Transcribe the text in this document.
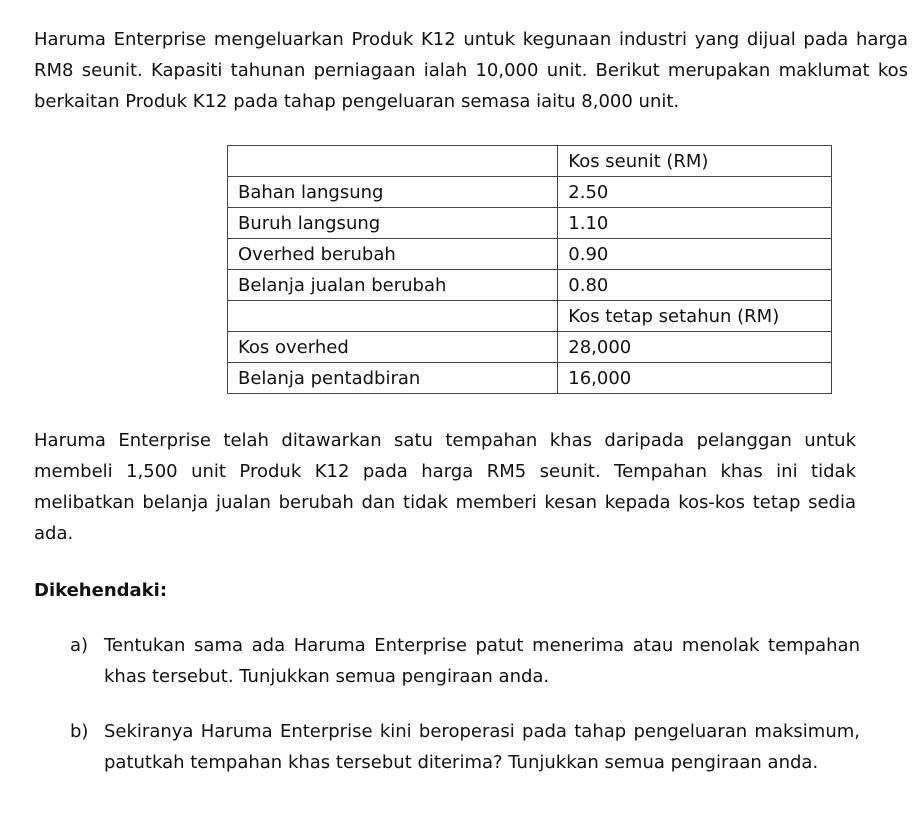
Haruma Enterprise mengeluarkan Produk K12 untuk kegunaan industri yang dijual pada harga RM8 seunit. Kapasiti tahunan perniagaan ialah 10,000 unit. Berikut merupakan maklumat kos berkaitan Produk K12 pada tahap pengeluaran semasa iaitu 8,000 unit.

	Kos seunit (RM)
Bahan langsung	2.50
Buruh langsung	1.10
Overhed berubah	0.90
Belanja jualan berubah	0.80
	Kos tetap setahun (RM)
Kos overhed	28,000
Belanja pentadbiran	16,000

Haruma Enterprise telah ditawarkan satu tempahan khas daripada pelanggan untuk membeli 1,500 unit Produk K12 pada harga RM5 seunit. Tempahan khas ini tidak melibatkan belanja jualan berubah dan tidak memberi kesan kepada kos-kos tetap sedia ada.

Dikehendaki:

a) Tentukan sama ada Haruma Enterprise patut menerima atau menolak tempahan khas tersebut. Tunjukkan semua pengiraan anda.
b) Sekiranya Haruma Enterprise kini beroperasi pada tahap pengeluaran maksimum, patutkah tempahan khas tersebut diterima? Tunjukkan semua pengiraan anda.
